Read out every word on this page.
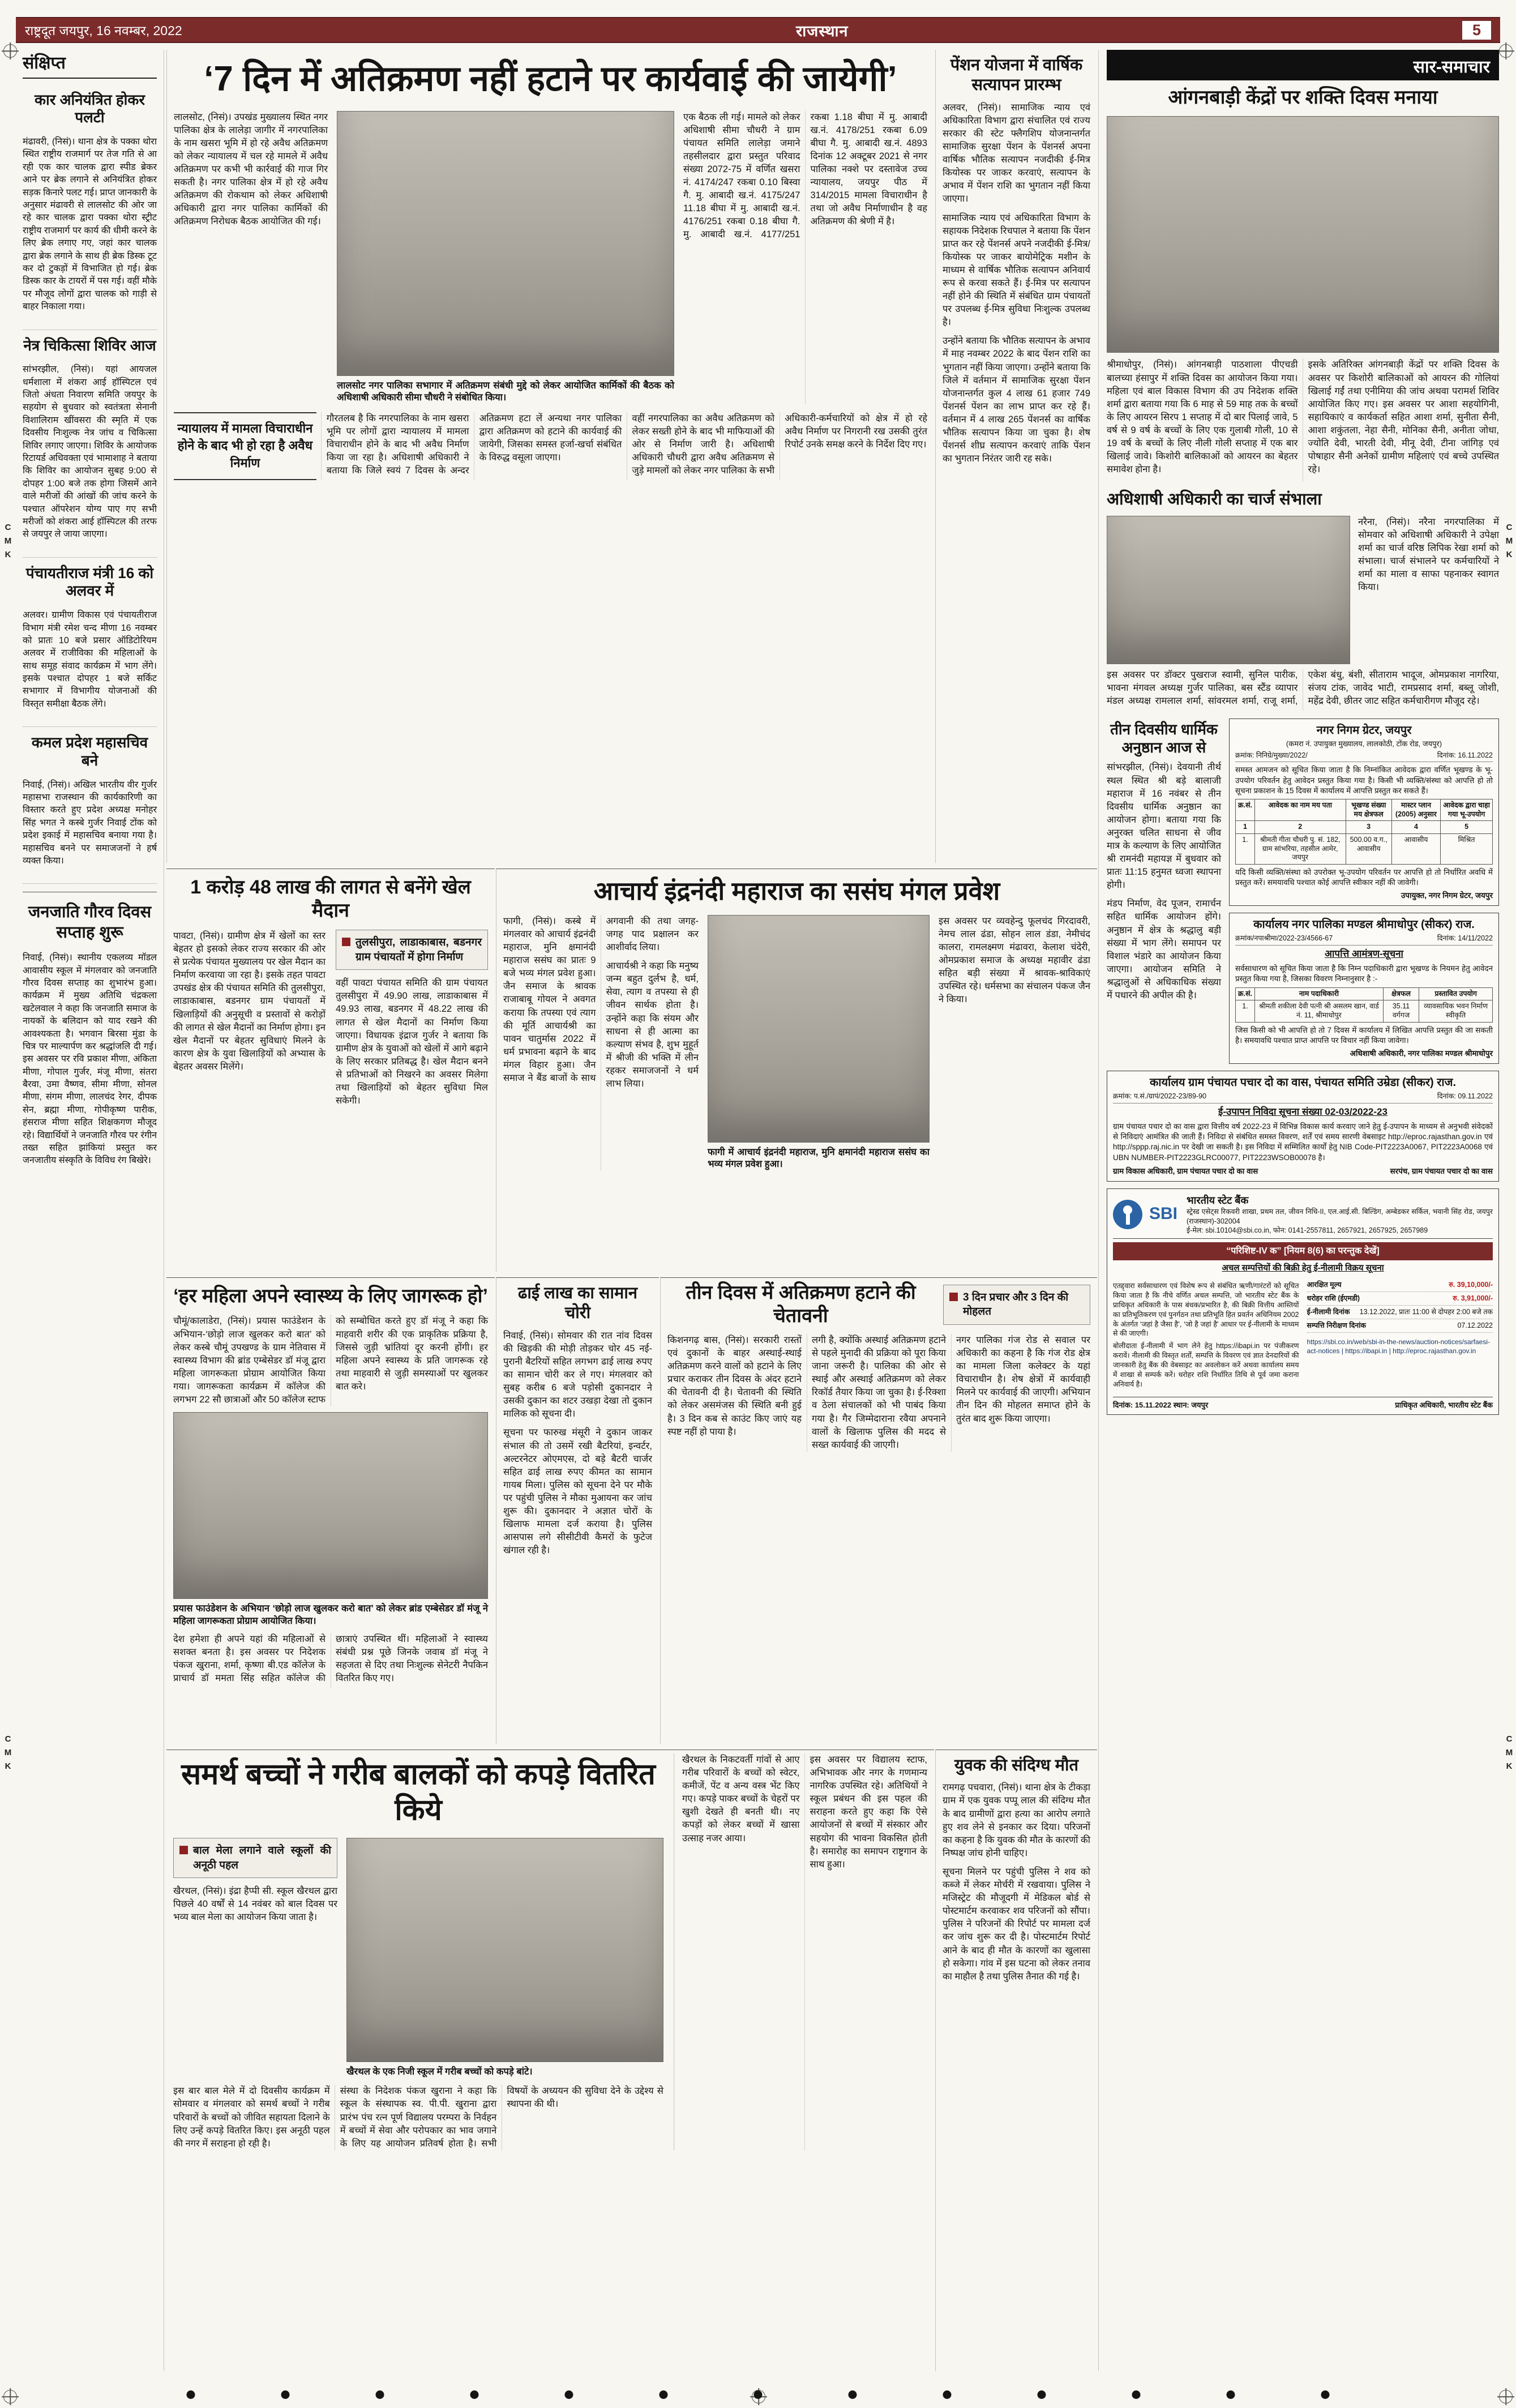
C
M
K
C
M
K
C
M
K
C
M
K
राष्ट्रदूत जयपुर, 16 नवम्बर, 2022	राजस्थान	5
संक्षिप्त
कार अनियंत्रित होकर पलटी

मंढावरी, (निसं)। थाना क्षेत्र के पक्का थोरा स्थित राष्ट्रीय राजमार्ग पर तेज गति से आ रही एक कार चालक द्वारा स्पीड ब्रेकर आने पर ब्रेक लगाने से अनियंत्रित होकर सड़क किनारे पलट गई। प्राप्त जानकारी के अनुसार मंढावरी से लालसोट की ओर जा रहे कार चालक द्वारा पक्का थोरा स्ट्रीट राष्ट्रीय राजमार्ग पर कार्य की धीमी करने के लिए ब्रेक लगाए गए, जहां कार चालक द्वारा ब्रेक लगाने के साथ ही ब्रेक डिस्क टूट कर दो टुकड़ों में विभाजित हो गई। ब्रेक डिस्क कार के टायरों में पस गई। वहीं मौके पर मौजूद लोगों द्वारा चालक को गाड़ी से बाहर निकाला गया।

नेत्र चिकित्सा शिविर आज

सांभरझील, (निसं)। यहां आयजल धर्मशाला में शंकरा आई हॉस्पिटल एवं जितो अंधता निवारण समिति जयपुर के सहयोग से बुधवार को स्वतंत्रता सेनानी विशालिराम खींवसरा की स्मृति में एक दिवसीय निःशुल्क नेत्र जांच व चिकित्सा शिविर लगाए जाएगा। शिविर के आयोजक रिटायर्ड अधिवक्ता एवं भामाशाह ने बताया कि शिविर का आयोजन सुबह 9:00 से दोपहर 1:00 बजे तक होगा जिसमें आने वाले मरीजों की आंखों की जांच करने के पश्चात ऑपरेशन योग्य पाए गए सभी मरीजों को शंकरा आई हॉस्पिटल की तरफ से जयपुर ले जाया जाएगा।

पंचायतीराज मंत्री 16 को अलवर में

अलवर। ग्रामीण विकास एवं पंचायतीराज विभाग मंत्री रमेश चन्द मीणा 16 नवम्बर को प्रातः 10 बजे प्रसार ऑडिटोरियम अलवर में राजीविका की महिलाओं के साथ समूह संवाद कार्यक्रम में भाग लेंगे। इसके पश्चात दोपहर 1 बजे सर्किट सभागार में विभागीय योजनाओं की विस्तृत समीक्षा बैठक लेंगे।

कमल प्रदेश महासचिव बने

निवाई, (निसं)। अखिल भारतीय वीर गुर्जर महासभा राजस्थान की कार्यकारिणी का विस्तार करते हुए प्रदेश अध्यक्ष मनोहर सिंह भगत ने कस्बे गुर्जर निवाई टोंक को प्रदेश इकाई में महासचिव बनाया गया है। महासचिव बनने पर समाजजनों ने हर्ष व्यक्त किया।

जनजाति गौरव दिवस सप्ताह शुरू

निवाई, (निसं)। स्थानीय एकलव्य मॉडल आवासीय स्कूल में मंगलवार को जनजाति गौरव दिवस सप्ताह का शुभारंभ हुआ। कार्यक्रम में मुख्य अतिथि चंद्रकला खटेलवाल ने कहा कि जनजाति समाज के नायकों के बलिदान को याद रखने की आवश्यकता है। भगवान बिरसा मुंडा के चित्र पर माल्यार्पण कर श्रद्धांजलि दी गई। इस अवसर पर रवि प्रकाश मीणा, अंकिता मीणा, गोपाल गुर्जर, मंजू मीणा, संतरा बैरवा, उमा वैष्णव, सीमा मीणा, सोनल मीणा, संगम मीणा, लालचंद रेगर, दीपक सेन, ब्रह्मा मीणा, गोपीकृष्ण पारीक, हंसराज मीणा सहित शिक्षकगण मौजूद रहे। विद्यार्थियों ने जनजाति गौरव पर रंगीन तख्त सहित झांकियां प्रस्तुत कर जनजातीय संस्कृति के विविध रंग बिखेरे।

‘7 दिन में अतिक्रमण नहीं हटाने पर कार्यवाई की जायेगी’

लालसोट, (निसं)। उपखंड मुख्यालय स्थित नगर पालिका क्षेत्र के लालेड़ा जागीर में नगरपालिका के नाम खसरा भूमि में हो रहे अवैध अतिक्रमण को लेकर न्यायालय में चल रहे मामले में अवैध अतिक्रमण पर कभी भी कार्रवाई की गाज गिर सकती है। नगर पालिका क्षेत्र में हो रहे अवैध अतिक्रमण की रोकथाम को लेकर अधिशाषी अधिकारी द्वारा नगर पालिका कार्मिकों की अतिक्रमण निरोधक बैठक आयोजित की गई।

लालसोट नगर पालिका सभागार में अतिक्रमण संबंधी मुद्दे को लेकर आयोजित कार्मिकों की बैठक को अधिशाषी अधिकारी सीमा चौधरी ने संबोधित किया।

एक बैठक ली गई। मामले को लेकर अधिशाषी सीमा चौधरी ने ग्राम पंचायत समिति लालेड़ा जमाने तहसीलदार द्वारा प्रस्तुत परिवाद संख्या 2072-75 में वर्णित खसरा नं. 4174/247 रकबा 0.10 बिस्वा गै. मु. आबादी ख.नं. 4175/247 11.18 बीघा में मु. आबादी ख.नं. 4176/251 रकबा 0.18 बीघा गै. मु. आबादी ख.नं. 4177/251 रकबा 1.18 बीघा में मु. आबादी ख.नं. 4178/251 रकबा 6.09 बीघा गै. मु. आबादी ख.नं. 4893 दिनांक 12 अक्टूबर 2021 से नगर पालिका नक्शे पर दस्तावेज उच्च न्यायालय, जयपुर पीठ में 314/2015 मामला विचाराधीन है तथा जो अवैध निर्माणाधीन है वह अतिक्रमण की श्रेणी में है।

न्यायालय में मामला विचाराधीन होने के बाद भी हो रहा है अवैध निर्माण

गौरतलब है कि नगरपालिका के नाम खसरा भूमि पर लोगों द्वारा न्यायालय में मामला विचाराधीन होने के बाद भी अवैध निर्माण किया जा रहा है। अधिशाषी अधिकारी ने बताया कि जिले स्वयं 7 दिवस के अन्दर अतिक्रमण हटा लें अन्यथा नगर पालिका द्वारा अतिक्रमण को हटाने की कार्यवाई की जायेगी, जिसका समस्त हर्जा-खर्चा संबंधित के विरुद्ध वसूला जाएगा।

वहीं नगरपालिका का अवैध अतिक्रमण को लेकर सख्ती होने के बाद भी माफियाओं की ओर से निर्माण जारी है। अधिशाषी अधिकारी चौधरी द्वारा अवैध अतिक्रमण से जुड़े मामलों को लेकर नगर पालिका के सभी अधिकारी-कर्मचारियों को क्षेत्र में हो रहे अवैध निर्माण पर निगरानी रख उसकी तुरंत रिपोर्ट उनके समक्ष करने के निर्देश दिए गए।

पेंशन योजना में वार्षिक सत्यापन प्रारम्भ

अलवर, (निसं)। सामाजिक न्याय एवं अधिकारिता विभाग द्वारा संचालित एवं राज्य सरकार की स्टेट फ्लैगशिप योजनान्तर्गत सामाजिक सुरक्षा पेंशन के पेंशनर्स अपना वार्षिक भौतिक सत्यापन नजदीकी ई-मित्र कियोस्क पर जाकर करवाएं, सत्यापन के अभाव में पेंशन राशि का भुगतान नहीं किया जाएगा।

सामाजिक न्याय एवं अधिकारिता विभाग के सहायक निदेशक रिचपाल ने बताया कि पेंशन प्राप्त कर रहे पेंशनर्स अपने नजदीकी ई-मित्र/कियोस्क पर जाकर बायोमेट्रिक मशीन के माध्यम से वार्षिक भौतिक सत्यापन अनिवार्य रूप से करवा सकते हैं। ई-मित्र पर सत्यापन नहीं होने की स्थिति में संबंधित ग्राम पंचायतों पर उपलब्ध ई-मित्र सुविधा निःशुल्क उपलब्ध है।

उन्होंने बताया कि भौतिक सत्यापन के अभाव में माह नवम्बर 2022 के बाद पेंशन राशि का भुगतान नहीं किया जाएगा। उन्होंने बताया कि जिले में वर्तमान में सामाजिक सुरक्षा पेंशन योजनान्तर्गत कुल 4 लाख 61 हजार 749 पेंशनर्स पेंशन का लाभ प्राप्त कर रहे हैं। वर्तमान में 4 लाख 265 पेंशनर्स का वार्षिक भौतिक सत्यापन किया जा चुका है। शेष पेंशनर्स शीघ्र सत्यापन करवाएं ताकि पेंशन का भुगतान निरंतर जारी रह सके।

सार-समाचार
आंगनबाड़ी केंद्रों पर शक्ति दिवस मनाया

श्रीमाधोपुर, (निसं)। आंगनबाड़ी पाठशाला पीएचडी बालच्या हंसापुर में शक्ति दिवस का आयोजन किया गया। महिला एवं बाल विकास विभाग की उप निदेशक शक्ति शर्मा द्वारा बताया गया कि 6 माह से 59 माह तक के बच्चों के लिए आयरन सिरप 1 सप्ताह में दो बार पिलाई जावे, 5 वर्ष से 9 वर्ष के बच्चों के लिए एक गुलाबी गोली, 10 से 19 वर्ष के बच्चों के लिए नीली गोली सप्ताह में एक बार खिलाई जावे। किशोरी बालिकाओं को आयरन का बेहतर समावेश होना है।

इसके अतिरिक्त आंगनबाड़ी केंद्रों पर शक्ति दिवस के अवसर पर किशोरी बालिकाओं को आयरन की गोलियां खिलाई गईं तथा एनीमिया की जांच अथवा परामर्श शिविर आयोजित किए गए। इस अवसर पर आशा सहयोगिनी, सहायिकाएं व कार्यकर्ता सहित आशा शर्मा, सुनीता सैनी, आशा शकुंतला, नेहा सैनी, मोनिका सैनी, अनीता जोधा, ज्योति देवी, भारती देवी, मीनू देवी, टीना जांगिड़ एवं पोषाहार सैनी अनेकों ग्रामीण महिलाएं एवं बच्चे उपस्थित रहे।

अधिशाषी अधिकारी का चार्ज संभाला

नरैना, (निसं)। नरैना नगरपालिका में सोमवार को अधिशाषी अधिकारी ने उपेक्षा शर्मा का चार्ज वरिष्ठ लिपिक रेखा शर्मा को संभाला। चार्ज संभालने पर कर्मचारियों ने शर्मा का माला व साफा पहनाकर स्वागत किया।

इस अवसर पर डॉक्टर पुखराज स्वामी, सुनिल पारीक, भावना मंगवल अध्यक्ष गुर्जर पालिका, बस स्टैंड व्यापार मंडल अध्यक्ष रामलाल शर्मा, सांवरमल शर्मा, राजू शर्मा, एकेश बंधु, बंशी, सीताराम भादूज, ओमप्रकाश नागरिया, संजय टांक, जावेद भाटी, रामप्रसाद शर्मा, बब्लू जोशी, महेंद्र देवी, छीतर जाट सहित कर्मचारीगण मौजूद रहे।

तीन दिवसीय धार्मिक अनुष्ठान आज से

सांभरझील, (निसं)। देवयानी तीर्थ स्थल स्थित श्री बड़े बालाजी महाराज में 16 नवंबर से तीन दिवसीय धार्मिक अनुष्ठान का आयोजन होगा। बताया गया कि अनुरक्त चलित साधना से जीव मात्र के कल्याण के लिए आयोजित श्री रामनंदी महायज्ञ में बुधवार को प्रातः 11:15 हनुमत ध्वजा स्थापना होगी।

मंडप निर्माण, वेद पूजन, रामार्चन सहित धार्मिक आयोजन होंगे। अनुष्ठान में क्षेत्र के श्रद्धालु बड़ी संख्या में भाग लेंगे। समापन पर विशाल भंडारे का आयोजन किया जाएगा। आयोजन समिति ने श्रद्धालुओं से अधिकाधिक संख्या में पधारने की अपील की है।

नगर निगम ग्रेटर, जयपुर
(कमरा नं. उपायुक्त मुख्यालय, लालकोठी, टोंक रोड, जयपुर)
क्रमांक: निनिग्रे/मुख्या/2022/	दिनांक: 16.11.2022

समस्त आमजन को सूचित किया जाता है कि निम्नांकित आवेदक द्वारा वर्णित भूखण्ड के भू-उपयोग परिवर्तन हेतु आवेदन प्रस्तुत किया गया है। किसी भी व्यक्ति/संस्था को आपत्ति हो तो सूचना प्रकाशन के 15 दिवस में कार्यालय में आपत्ति प्रस्तुत कर सकते हैं।

क्र.सं.	आवेदक का नाम मय पता	भूखण्ड संख्या मय क्षेत्रफल	मास्टर प्लान (2005) अनुसार	आवेदक द्वारा चाहा गया भू-उपयोग
1	2	3	4	5
1.	श्रीमती गीता चौधरी पु. सं. 182, ग्राम सांभरिया, तहसील आमेर, जयपुर	500.00 व.ग., आवासीय	आवासीय	मिश्रित

यदि किसी व्यक्ति/संस्था को उपरोक्त भू-उपयोग परिवर्तन पर आपत्ति हो तो निर्धारित अवधि में प्रस्तुत करें। समयावधि पश्चात कोई आपत्ति स्वीकार नहीं की जावेगी।

उपायुक्त, नगर निगम ग्रेटर, जयपुर
कार्यालय नगर पालिका मण्डल श्रीमाधोपुर (सीकर) राज.
क्रमांक/नपाश्रीमा/2022-23/4566-67	दिनांक: 14/11/2022
आपत्ति आमंत्रण-सूचना

सर्वसाधारण को सूचित किया जाता है कि निम्न पदाधिकारी द्वारा भूखण्ड के नियमन हेतु आवेदन प्रस्तुत किया गया है, जिसका विवरण निम्नानुसार है :-

क्र.सं.	नाम पदाधिकारी	क्षेत्रफल	प्रस्तावित उपयोग
1.	श्रीमती शकीला देवी पत्नी श्री असलम खान, वार्ड नं. 11, श्रीमाधोपुर	35.11 वर्गगज	व्यावसायिक भवन निर्माण स्वीकृति

जिस किसी को भी आपत्ति हो तो 7 दिवस में कार्यालय में लिखित आपत्ति प्रस्तुत की जा सकती है। समयावधि पश्चात प्राप्त आपत्ति पर विचार नहीं किया जावेगा।

अधिशाषी अधिकारी, नगर पालिका मण्डल श्रीमाधोपुर
कार्यालय ग्राम पंचायत पचार दो का वास, पंचायत समिति उम्रेडा (सीकर) राज.
क्रमांक: प.सं./ग्रापं/2022-23/89-90	दिनांक: 09.11.2022
ई-उपापन निविदा सूचना संख्या 02-03/2022-23

ग्राम पंचायत पचार दो का वास द्वारा वित्तीय वर्ष 2022-23 में विभिन्न विकास कार्य करवाए जाने हेतु ई-उपापन के माध्यम से अनुभवी संवेदकों से निविदाएं आमंत्रित की जाती हैं। निविदा से संबंधित समस्त विवरण, शर्तें एवं समय सारणी वेबसाइट http://eproc.rajasthan.gov.in एवं http://sppp.raj.nic.in पर देखी जा सकती है। इस निविदा में सम्मिलित कार्यों हेतु NIB Code-PIT2223A0067, PIT2223A0068 एवं UBN NUMBER-PIT2223GLRC00077, PIT2223WSOB00078 है।

ग्राम विकास अधिकारी, ग्राम पंचायत पचार दो का वास	सरपंच, ग्राम पंचायत पचार दो का वास
SBI
भारतीय स्टेट बैंक
स्ट्रेस्ड एसेट्स रिकवरी शाखा, प्रथम तल, जीवन निधि-II, एल.आई.सी. बिल्डिंग, अम्बेडकर सर्किल, भवानी सिंह रोड, जयपुर (राजस्थान)-302004
ई-मेल: sbi.10104@sbi.co.in, फोन: 0141-2557811, 2657921, 2657925, 2657989
“परिशिष्ट-IV क” [नियम 8(6) का परन्तुक देखें]
अचल सम्पत्तियों की बिक्री हेतु ई-नीलामी विक्रय सूचना

एतद्द्वारा सर्वसाधारण एवं विशेष रूप से संबंधित ऋणी/गारंटरों को सूचित किया जाता है कि नीचे वर्णित अचल सम्पत्ति, जो भारतीय स्टेट बैंक के प्राधिकृत अधिकारी के पास बंधक/प्रभारित है, की बिक्री वित्तीय आस्तियों का प्रतिभूतिकरण एवं पुनर्गठन तथा प्रतिभूति हित प्रवर्तन अधिनियम 2002 के अंतर्गत ‘जहां है जैसा है’, ‘जो है जहां है’ आधार पर ई-नीलामी के माध्यम से की जाएगी।

बोलीदाता ई-नीलामी में भाग लेने हेतु https://ibapi.in पर पंजीकरण करावें। नीलामी की विस्तृत शर्तों, सम्पत्ति के विवरण एवं ज्ञात देनदारियों की जानकारी हेतु बैंक की वेबसाइट का अवलोकन करें अथवा कार्यालय समय में शाखा से सम्पर्क करें। धरोहर राशि निर्धारित तिथि से पूर्व जमा कराना अनिवार्य है।

आरक्षित मूल्य	रु. 39,10,000/-
धरोहर राशि (ईएमडी)	रु. 3,91,000/-
ई-नीलामी दिनांक 13.12.2022, प्रातः 11:00 से दोपहर 2:00 बजे तक
सम्पत्ति निरीक्षण दिनांक	07.12.2022
https://sbi.co.in/web/sbi-in-the-news/auction-notices/sarfaesi-act-notices | https://ibapi.in | http://eproc.rajasthan.gov.in
दिनांक: 15.11.2022 स्थान: जयपुर	प्राधिकृत अधिकारी, भारतीय स्टेट बैंक
1 करोड़ 48 लाख की लागत से बनेंगे खेल मैदान

पावटा, (निसं)। ग्रामीण क्षेत्र में खेलों का स्तर बेहतर हो इसको लेकर राज्य सरकार की ओर से प्रत्येक पंचायत मुख्यालय पर खेल मैदान का निर्माण करवाया जा रहा है। इसके तहत पावटा उपखंड क्षेत्र की पंचायत समिति की तुलसीपुरा, लाडाकाबास, बडनगर ग्राम पंचायतों में खिलाड़ियों की अनुसूची व प्रस्तावों से करोड़ों की लागत से खेल मैदानों का निर्माण होगा। इन खेल मैदानों पर बेहतर सुविधाएं मिलने के कारण क्षेत्र के युवा खिलाड़ियों को अभ्यास के बेहतर अवसर मिलेंगे।

तुलसीपुरा, लाडाकाबास, बडनगर ग्राम पंचायतों में होगा निर्माण

वहीं पावटा पंचायत समिति की ग्राम पंचायत तुलसीपुरा में 49.90 लाख, लाडाकाबास में 49.93 लाख, बडनगर में 48.22 लाख की लागत से खेल मैदानों का निर्माण किया जाएगा। विधायक इंद्राज गुर्जर ने बताया कि ग्रामीण क्षेत्र के युवाओं को खेलों में आगे बढ़ाने के लिए सरकार प्रतिबद्ध है। खेल मैदान बनने से प्रतिभाओं को निखरने का अवसर मिलेगा तथा खिलाड़ियों को बेहतर सुविधा मिल सकेगी।

आचार्य इंद्रनंदी महाराज का ससंघ मंगल प्रवेश

फागी, (निसं)। कस्बे में मंगलवार को आचार्य इंद्रनंदी महाराज, मुनि क्षमानंदी महाराज ससंघ का प्रातः 9 बजे भव्य मंगल प्रवेश हुआ। जैन समाज के श्रावक राजाबाबू गोयल ने अवगत कराया कि तपस्या एवं त्याग की मूर्ति आचार्यश्री का पावन चातुर्मास 2022 में धर्म प्रभावना बढ़ाने के बाद मंगल विहार हुआ। जैन समाज ने बैंड बाजों के साथ अगवानी की तथा जगह-जगह पाद प्रक्षालन कर आशीर्वाद लिया।

आचार्यश्री ने कहा कि मनुष्य जन्म बहुत दुर्लभ है, धर्म, सेवा, त्याग व तपस्या से ही जीवन सार्थक होता है। उन्होंने कहा कि संयम और साधना से ही आत्मा का कल्याण संभव है, शुभ मुहूर्त में श्रीजी की भक्ति में लीन रहकर समाजजनों ने धर्म लाभ लिया।

फागी में आचार्य इंद्रनंदी महाराज, मुनि क्षमानंदी महाराज ससंघ का भव्य मंगल प्रवेश हुआ।

इस अवसर पर व्यवहेन्दु फूलचंद गिरदावरी, नेमच लाल ढंडा, सोहन लाल डंडा, नेमीचंद कालरा, रामलक्ष्मण मंढावरा, केलाश चंदेरी, ओमप्रकाश समाज के अध्यक्ष महावीर ढंडा सहित बड़ी संख्या में श्रावक-श्राविकाएं उपस्थित रहे। धर्मसभा का संचालन पंकज जैन ने किया।

‘हर महिला अपने स्वास्थ्य के लिए जागरूक हो’

चौमूं/कालाडेरा, (निसं)। प्रयास फाउंडेशन के अभियान-‘छोड़ो लाज खुलकर करो बात’ को लेकर कस्बे चौमूं उपखण्ड के ग्राम नेतिवास में स्वास्थ्य विभाग की ब्रांड एम्बेसेडर डॉ मंजू द्वारा महिला जागरूकता प्रोग्राम आयोजित किया गया। जागरूकता कार्यक्रम में कॉलेज की लगभग 22 सौ छात्राओं और 50 कॉलेज स्टाफ को सम्बोधित करते हुए डॉ मंजू ने कहा कि माहवारी शरीर की एक प्राकृतिक प्रक्रिया है, जिससे जुड़ी भ्रांतियां दूर करनी होंगी। हर महिला अपने स्वास्थ्य के प्रति जागरूक रहे तथा माहवारी से जुड़ी समस्याओं पर खुलकर बात करे।

प्रयास फाउंडेशन के अभियान ‘छोड़ो लाज खुलकर करो बात’ को लेकर ब्रांड एम्बेसेडर डॉ मंजू ने महिला जागरूकता प्रोग्राम आयोजित किया।

देश हमेशा ही अपने यहां की महिलाओं से सशक्त बनता है। इस अवसर पर निदेशक पंकज खुराना, शर्मा, कृष्णा बी.एड कॉलेज के प्राचार्य डॉ ममता सिंह सहित कॉलेज की छात्राएं उपस्थित थीं। महिलाओं ने स्वास्थ्य संबंधी प्रश्न पूछे जिनके जवाब डॉ मंजू ने सहजता से दिए तथा निःशुल्क सेनेटरी नैपकिन वितरित किए गए।

ढाई लाख का सामान चोरी

निवाई, (निसं)। सोमवार की रात नांव दिवस की खिड़की की मोड़ी तोड़कर चोर 45 नई-पुरानी बैटरियों सहित लगभग ढाई लाख रुपए का सामान चोरी कर ले गए। मंगलवार को सुबह करीब 6 बजे पड़ोसी दुकानदार ने उसकी दुकान का शटर उखड़ा देखा तो दुकान मालिक को सूचना दी।

सूचना पर फारुख मंसूरी ने दुकान जाकर संभाल की तो उसमें रखी बैटरियां, इन्वर्टर, अल्टरनेटर ओएमएस, दो बड़े बैटरी चार्जर सहित ढाई लाख रुपए कीमत का सामान गायब मिला। पुलिस को सूचना देने पर मौके पर पहुंची पुलिस ने मौका मुआयना कर जांच शुरू की। दुकानदार ने अज्ञात चोरों के खिलाफ मामला दर्ज कराया है। पुलिस आसपास लगे सीसीटीवी कैमरों के फुटेज खंगाल रही है।

तीन दिवस में अतिक्रमण हटाने की चेतावनी
3 दिन प्रचार और 3 दिन की मोहलत

किशनगढ़ बास, (निसं)। सरकारी रास्तों एवं दुकानों के बाहर अस्थाई-स्थाई अतिक्रमण करने वालों को हटाने के लिए प्रचार कराकर तीन दिवस के अंदर हटाने की चेतावनी दी है। चेतावनी की स्थिति को लेकर असमंजस की स्थिति बनी हुई है। 3 दिन कब से काउंट किए जाएं यह स्पष्ट नहीं हो पाया है।

लगी है, क्योंकि अस्थाई अतिक्रमण हटाने से पहले मुनादी की प्रक्रिया को पूरा किया जाना जरूरी है। पालिका की ओर से स्थाई और अस्थाई अतिक्रमण को लेकर रिकॉर्ड तैयार किया जा चुका है। ई-रिक्शा व ठेला संचालकों को भी पाबंद किया गया है। गैर जिम्मेदाराना रवैया अपनाने वालों के खिलाफ पुलिस की मदद से सख्त कार्यवाई की जाएगी।

नगर पालिका गंज रोड से सवाल पर अधिकारी का कहना है कि गंज रोड क्षेत्र का मामला जिला कलेक्टर के यहां विचाराधीन है। शेष क्षेत्रों में कार्यवाही मिलने पर कार्यवाई की जाएगी। अभियान तीन दिन की मोहलत समाप्त होने के तुरंत बाद शुरू किया जाएगा।

समर्थ बच्चों ने गरीब बालकों को कपड़े वितरित किये
बाल मेला लगाने वाले स्कूलों की अनूठी पहल

खैरथल, (निसं)। इंद्रा हैप्पी सी. स्कूल खैरथल द्वारा पिछले 40 वर्षों से 14 नवंबर को बाल दिवस पर भव्य बाल मेला का आयोजन किया जाता है।

खैरथल के एक निजी स्कूल में गरीब बच्चों को कपड़े बांटे।

इस बार बाल मेले में दो दिवसीय कार्यक्रम में सोमवार व मंगलवार को समर्थ बच्चों ने गरीब परिवारों के बच्चों को जीवित सहायता दिलाने के लिए उन्हें कपड़े वितरित किए। इस अनूठी पहल की नगर में सराहना हो रही है।

संस्था के निदेशक पंकज खुराना ने कहा कि स्कूल के संस्थापक स्व. पी.पी. खुराना द्वारा प्रारंभ पंच रत्न पूर्ण विद्यालय परम्परा के निर्वहन में बच्चों में सेवा और परोपकार का भाव जगाने के लिए यह आयोजन प्रतिवर्ष होता है। सभी विषयों के अध्ययन की सुविधा देने के उद्देश्य से स्थापना की थी।

खैरथल के निकटवर्ती गांवों से आए गरीब परिवारों के बच्चों को स्वेटर, कमीजें, पेंट व अन्य वस्त्र भेंट किए गए। कपड़े पाकर बच्चों के चेहरों पर खुशी देखते ही बनती थी। नए कपड़ों को लेकर बच्चों में खासा उत्साह नजर आया।

इस अवसर पर विद्यालय स्टाफ, अभिभावक और नगर के गणमान्य नागरिक उपस्थित रहे। अतिथियों ने स्कूल प्रबंधन की इस पहल की सराहना करते हुए कहा कि ऐसे आयोजनों से बच्चों में संस्कार और सहयोग की भावना विकसित होती है। समारोह का समापन राष्ट्रगान के साथ हुआ।

युवक की संदिग्ध मौत

रामगढ़ पचवारा, (निसं)। थाना क्षेत्र के टीकड़ा ग्राम में एक युवक पप्पू लाल की संदिग्ध मौत के बाद ग्रामीणों द्वारा हत्या का आरोप लगाते हुए शव लेने से इनकार कर दिया। परिजनों का कहना है कि युवक की मौत के कारणों की निष्पक्ष जांच होनी चाहिए।

सूचना मिलने पर पहुंची पुलिस ने शव को कब्जे में लेकर मोर्चरी में रखवाया। पुलिस ने मजिस्ट्रेट की मौजूदगी में मेडिकल बोर्ड से पोस्टमार्टम करवाकर शव परिजनों को सौंपा। पुलिस ने परिजनों की रिपोर्ट पर मामला दर्ज कर जांच शुरू कर दी है। पोस्टमार्टम रिपोर्ट आने के बाद ही मौत के कारणों का खुलासा हो सकेगा। गांव में इस घटना को लेकर तनाव का माहौल है तथा पुलिस तैनात की गई है।
